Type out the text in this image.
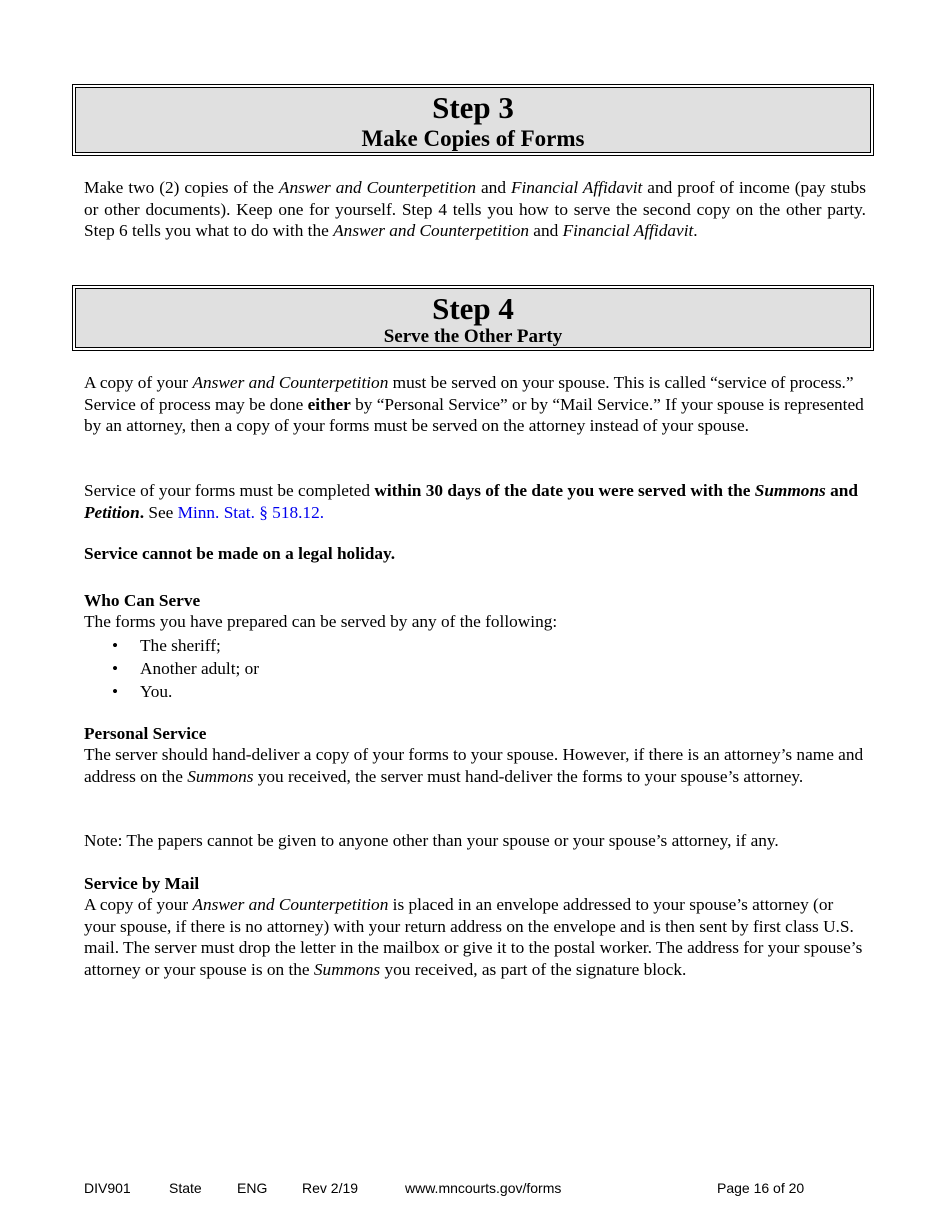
Step 3
Make Copies of Forms

Make two (2) copies of the Answer and Counterpetition and Financial Affidavit and proof of income (pay stubs or other documents). Keep one for yourself. Step 4 tells you how to serve the second copy on the other party. Step 6 tells you what to do with the Answer and Counterpetition and Financial Affidavit.

Step 4
Serve the Other Party

A copy of your Answer and Counterpetition must be served on your spouse. This is called “service of process.” Service of process may be done either by “Personal Service” or by “Mail Service.” If your spouse is represented by an attorney, then a copy of your forms must be served on the attorney instead of your spouse.

Service of your forms must be completed within 30 days of the date you were served with the Summons and Petition. See Minn. Stat. § 518.12.

Service cannot be made on a legal holiday.

Who Can Serve

The forms you have prepared can be served by any of the following:

• The sheriff;
• Another adult; or
• You.

Personal Service

The server should hand-deliver a copy of your forms to your spouse. However, if there is an attorney’s name and address on the Summons you received, the server must hand-deliver the forms to your spouse’s attorney.

Note: The papers cannot be given to anyone other than your spouse or your spouse’s attorney, if any.

Service by Mail

A copy of your Answer and Counterpetition is placed in an envelope addressed to your spouse’s attorney (or your spouse, if there is no attorney) with your return address on the envelope and is then sent by first class U.S. mail. The server must drop the letter in the mailbox or give it to the postal worker. The address for your spouse’s attorney or your spouse is on the Summons you received, as part of the signature block.

DIV901	State	ENG Rev 2/19	www.mncourts.gov/forms	Page 16 of 20
